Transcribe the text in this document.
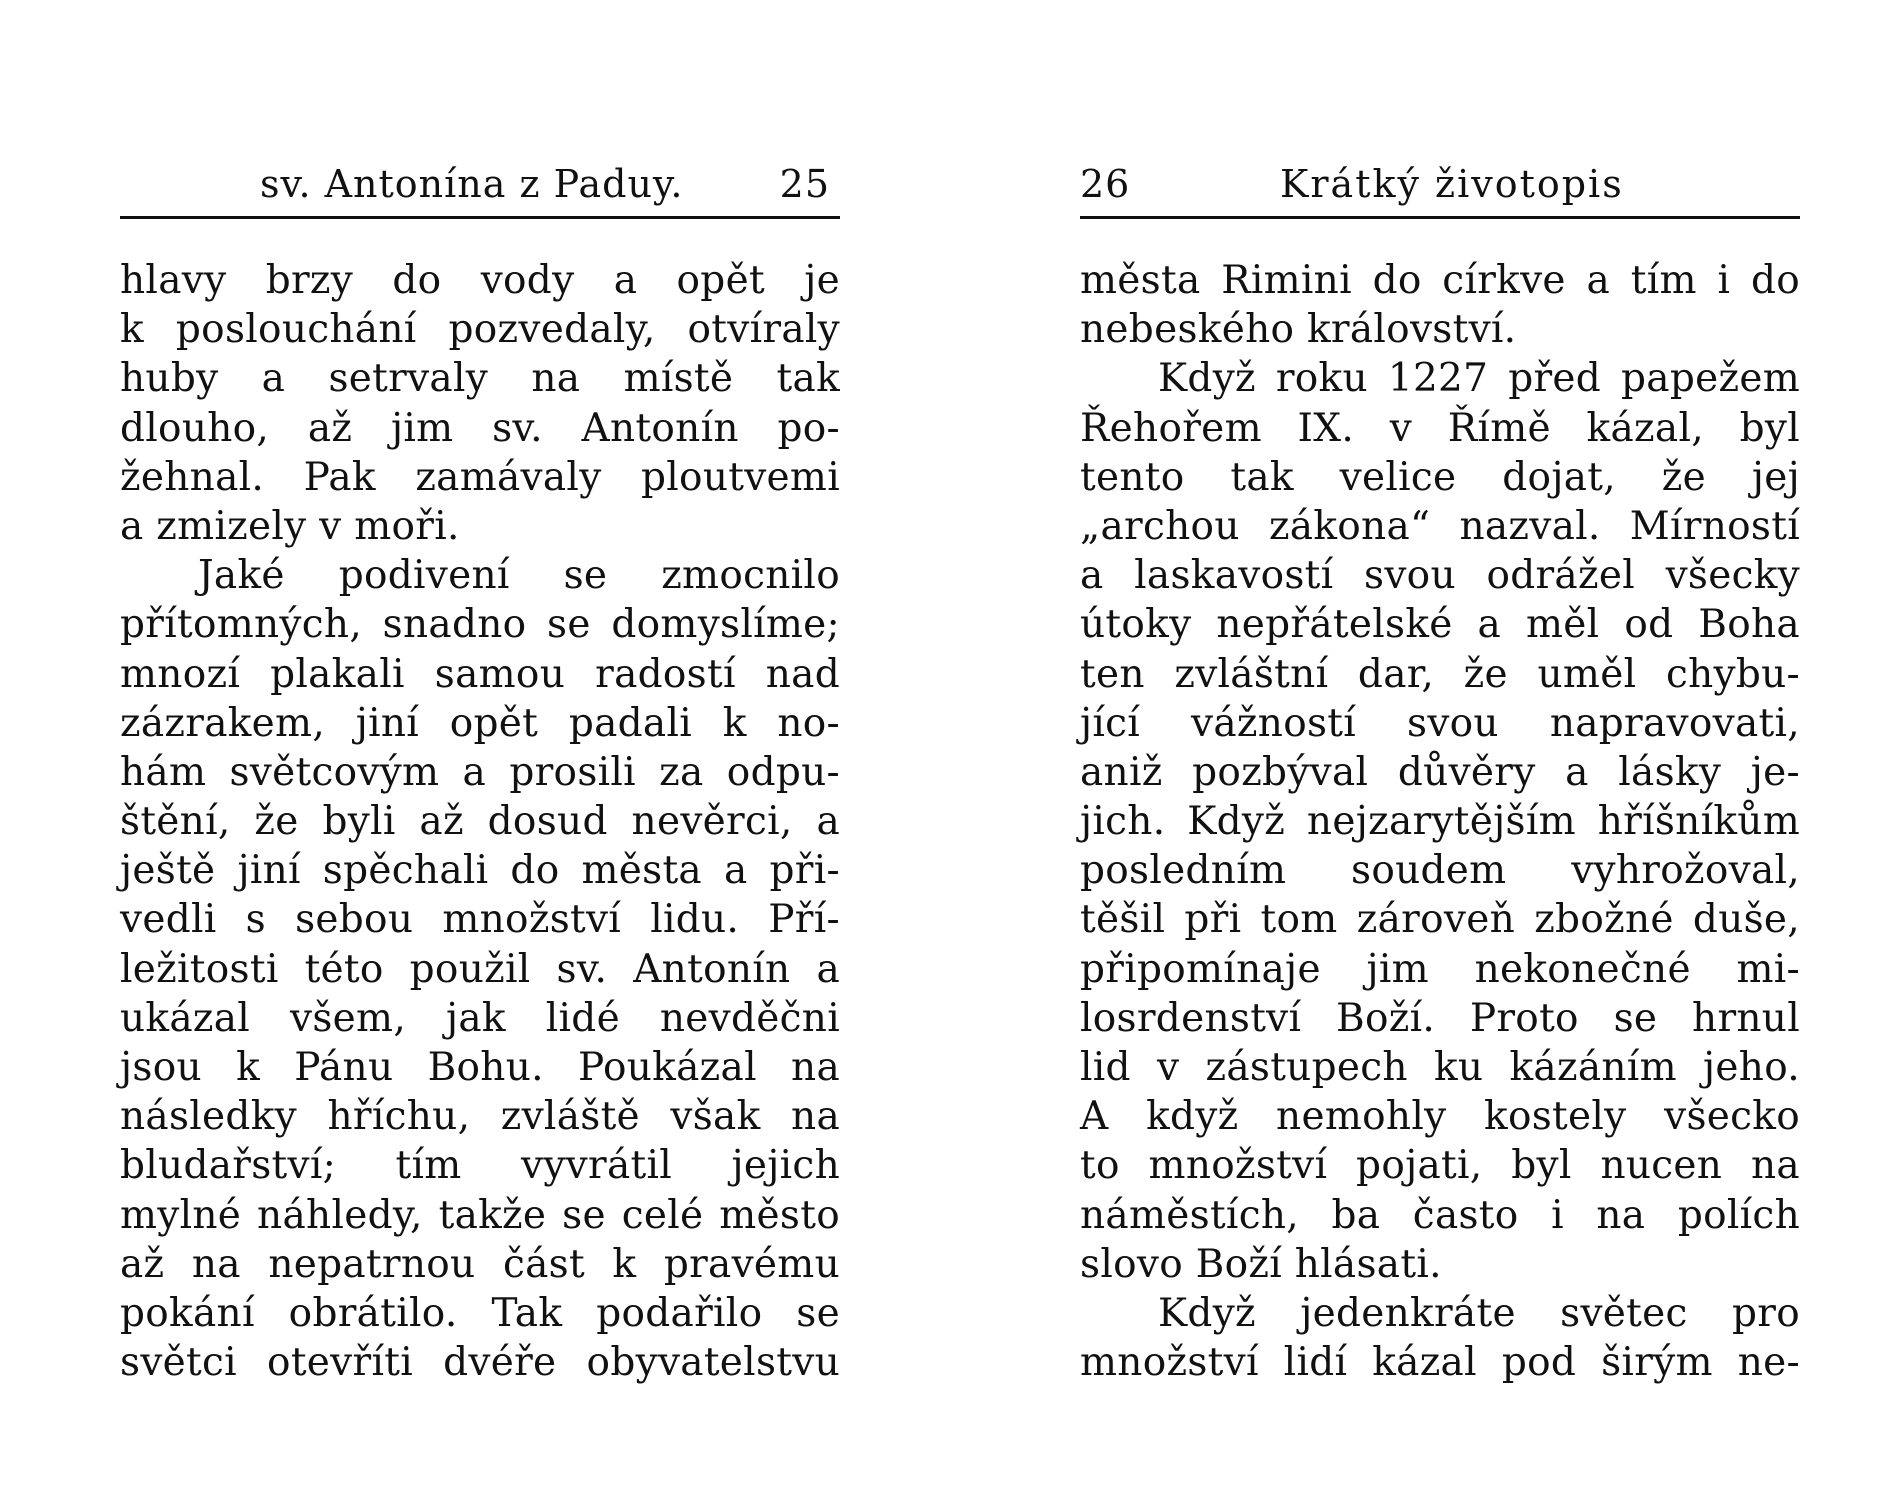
sv. Antonína z Paduy.	25
hlavy brzy do vody a opět je
k poslouchání pozvedaly, otvíraly
huby a setrvaly na místě tak
dlouho, až jim sv. Antonín po-
žehnal. Pak zamávaly ploutvemi
a zmizely v moři.
Jaké podivení se zmocnilo
přítomných, snadno se domyslíme;
mnozí plakali samou radostí nad
zázrakem, jiní opět padali k no-
hám světcovým a prosili za odpu-
štění, že byli až dosud nevěrci, a
ještě jiní spěchali do města a při-
vedli s sebou množství lidu. Pří-
ležitosti této použil sv. Antonín a
ukázal všem, jak lidé nevděčni
jsou k Pánu Bohu. Poukázal na
následky hříchu, zvláště však na
bludařství; tím vyvrátil jejich
mylné náhledy, takže se celé město
až na nepatrnou část k pravému
pokání obrátilo. Tak podařilo se
světci otevříti dvéře obyvatelstvu
26	Krátký životopis
města Rimini do církve a tím i do
nebeského království.
Když roku 1227 před papežem
Řehořem IX. v Římě kázal, byl
tento tak velice dojat, že jej
„archou zákona“ nazval. Mírností
a laskavostí svou odrážel všecky
útoky nepřátelské a měl od Boha
ten zvláštní dar, že uměl chybu-
jící vážností svou napravovati,
aniž pozbýval důvěry a lásky je-
jich. Když nejzarytějším hříšníkům
posledním soudem vyhrožoval,
těšil při tom zároveň zbožné duše,
připomínaje jim nekonečné mi-
losrdenství Boží. Proto se hrnul
lid v zástupech ku kázáním jeho.
A když nemohly kostely všecko
to množství pojati, byl nucen na
náměstích, ba často i na polích
slovo Boží hlásati.
Když jedenkráte světec pro
množství lidí kázal pod širým ne-
